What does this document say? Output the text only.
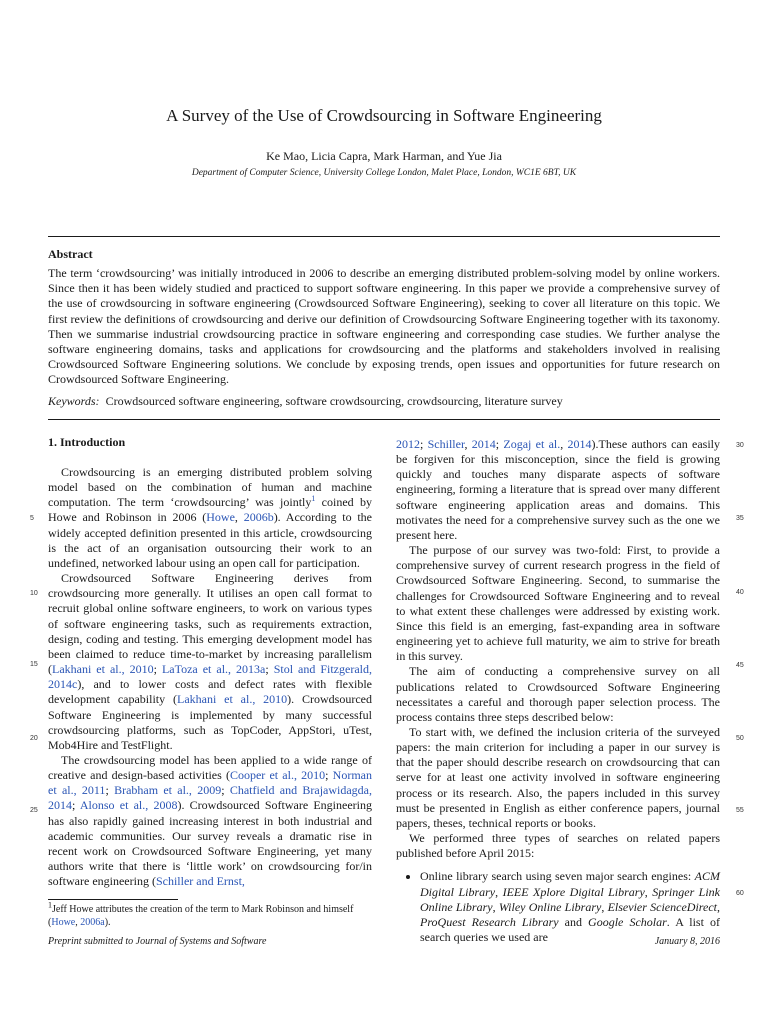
A Survey of the Use of Crowdsourcing in Software Engineering
Ke Mao, Licia Capra, Mark Harman, and Yue Jia
Department of Computer Science, University College London, Malet Place, London, WC1E 6BT, UK
Abstract
The term ‘crowdsourcing’ was initially introduced in 2006 to describe an emerging distributed problem-solving model by online workers. Since then it has been widely studied and practiced to support software engineering. In this paper we provide a comprehensive survey of the use of crowdsourcing in software engineering (Crowdsourced Software Engineering), seeking to cover all literature on this topic. We first review the definitions of crowdsourcing and derive our definition of Crowdsourcing Software Engineering together with its taxonomy. Then we summarise industrial crowdsourcing practice in software engineering and corresponding case studies. We further analyse the software engineering domains, tasks and applications for crowdsourcing and the platforms and stakeholders involved in realising Crowdsourced Software Engineering solutions. We conclude by exposing trends, open issues and opportunities for future research on Crowdsourced Software Engineering.
Keywords: Crowdsourced software engineering, software crowdsourcing, crowdsourcing, literature survey
1. Introduction

Crowdsourcing is an emerging distributed problem solving model based on the combination of human and machine computation. The term ‘crowdsourcing’ was jointly$^1$ coined by Howe and Robinson in 2006 (Howe, 2006b). According to the widely accepted definition presented in this article, crowdsourcing is the act of an organisation outsourcing their work to an undefined, networked labour using an open call for participation.

Crowdsourced Software Engineering derives from crowdsourcing more generally. It utilises an open call format to recruit global online software engineers, to work on various types of software engineering tasks, such as requirements extraction, design, coding and testing. This emerging development model has been claimed to reduce time-to-market by increasing parallelism (Lakhani et al., 2010; LaToza et al., 2013a; Stol and Fitzgerald, 2014c), and to lower costs and defect rates with flexible development capability (Lakhani et al., 2010). Crowdsourced Software Engineering is implemented by many successful crowdsourcing platforms, such as TopCoder, AppStori, uTest, Mob4Hire and TestFlight.

The crowdsourcing model has been applied to a wide range of creative and design-based activities (Cooper et al., 2010; Norman et al., 2011; Brabham et al., 2009; Chatfield and Brajawidagda, 2014; Alonso et al., 2008). Crowdsourced Software Engineering has also rapidly gained increasing interest in both industrial and academic communities. Our survey reveals a dramatic rise in recent work on Crowdsourced Software Engineering, yet many authors write that there is ‘little work’ on crowdsourcing for/in software engineering (Schiller and Ernst,

$^1$Jeff Howe attributes the creation of the term to Mark Robinson and himself (Howe, 2006a).

2012; Schiller, 2014; Zogaj et al., 2014).These authors can easily be forgiven for this misconception, since the field is growing quickly and touches many disparate aspects of software engineering, forming a literature that is spread over many different software engineering application areas and domains. This motivates the need for a comprehensive survey such as the one we present here.

The purpose of our survey was two-fold: First, to provide a comprehensive survey of current research progress in the field of Crowdsourced Software Engineering. Second, to summarise the challenges for Crowdsourced Software Engineering and to reveal to what extent these challenges were addressed by existing work. Since this field is an emerging, fast-expanding area in software engineering yet to achieve full maturity, we aim to strive for breath in this survey.

The aim of conducting a comprehensive survey on all publications related to Crowdsourced Software Engineering necessitates a careful and thorough paper selection process. The process contains three steps described below:

To start with, we defined the inclusion criteria of the surveyed papers: the main criterion for including a paper in our survey is that the paper should describe research on crowdsourcing that can serve for at least one activity involved in software engineering process or its research. Also, the papers included in this survey must be presented in English as either conference papers, journal papers, theses, technical reports or books.

We performed three types of searches on related papers published before April 2015:

• Online library search using seven major search engines: ACM Digital Library, IEEE Xplore Digital Library, Springer Link Online Library, Wiley Online Library, Elsevier ScienceDirect, ProQuest Research Library and Google Scholar. A list of search queries we used are
5
10
15
20
25
30
35
40
45
50
55
60
Preprint submitted to Journal of Systems and Software	January 8, 2016
